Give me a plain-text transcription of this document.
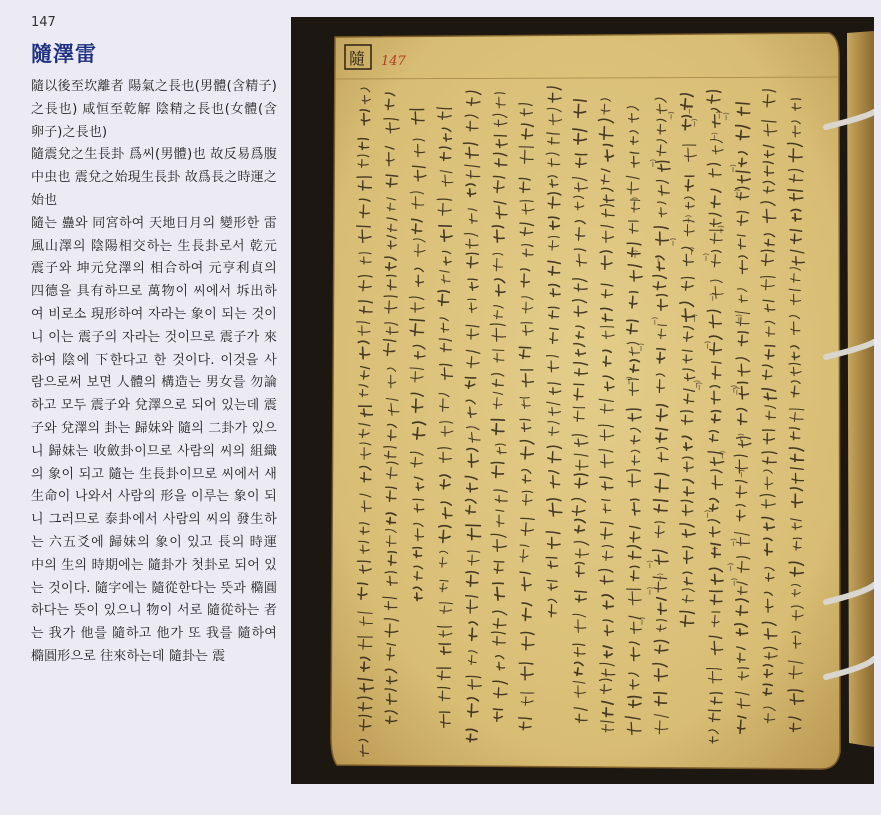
147
隨澤雷
隨以後至坎離者 陽氣之長也(男體(含精子)之長也) 咸恒至乾解 陰精之長也(女體(含卵子)之長也)
隨震兌之生長卦 爲씨(男體)也 故反易爲腹中虫也 震兌之始現生長卦 故爲長之時運之始也
隨는 蠱와 同宮하여 天地日月의 變形한 雷風山澤의 陰陽相交하는 生長卦로서 乾元震子와 坤元兌澤의 相合하여 元亨利貞의 四德을 具有하므로 萬物이 씨에서 坼出하여 비로소 現形하여 자라는 象이 되는 것이니 이는 震子의 자라는 것이므로 震子가 來하여 陰에 下한다고 한 것이다. 이것을 사람으로써 보면 人體의 構造는 男女를 勿論하고 모두 震子와 兌澤으로 되어 있는데 震子와 兌澤의 卦는 歸妹와 隨의 二卦가 있으니 歸妹는 收斂卦이므로 사람의 씨의 組織의 象이 되고 隨는 生長卦이므로 씨에서 새 生命이 나와서 사람의 形을 이루는 象이 되니 그러므로 泰卦에서 사람의 씨의 發生하는 六五爻에 歸妹의 象이 있고 長의 時運中의 生의 時期에는 隨卦가 첫卦로 되어 있는 것이다. 隨字에는 隨從한다는 뜻과 橢圓하다는 뜻이 있으니 物이 서로 隨從하는 者는 我가 他를 隨하고 他가 또 我를 隨하여 橢圓形으로 往來하는데 隨卦는 震
147
隨
